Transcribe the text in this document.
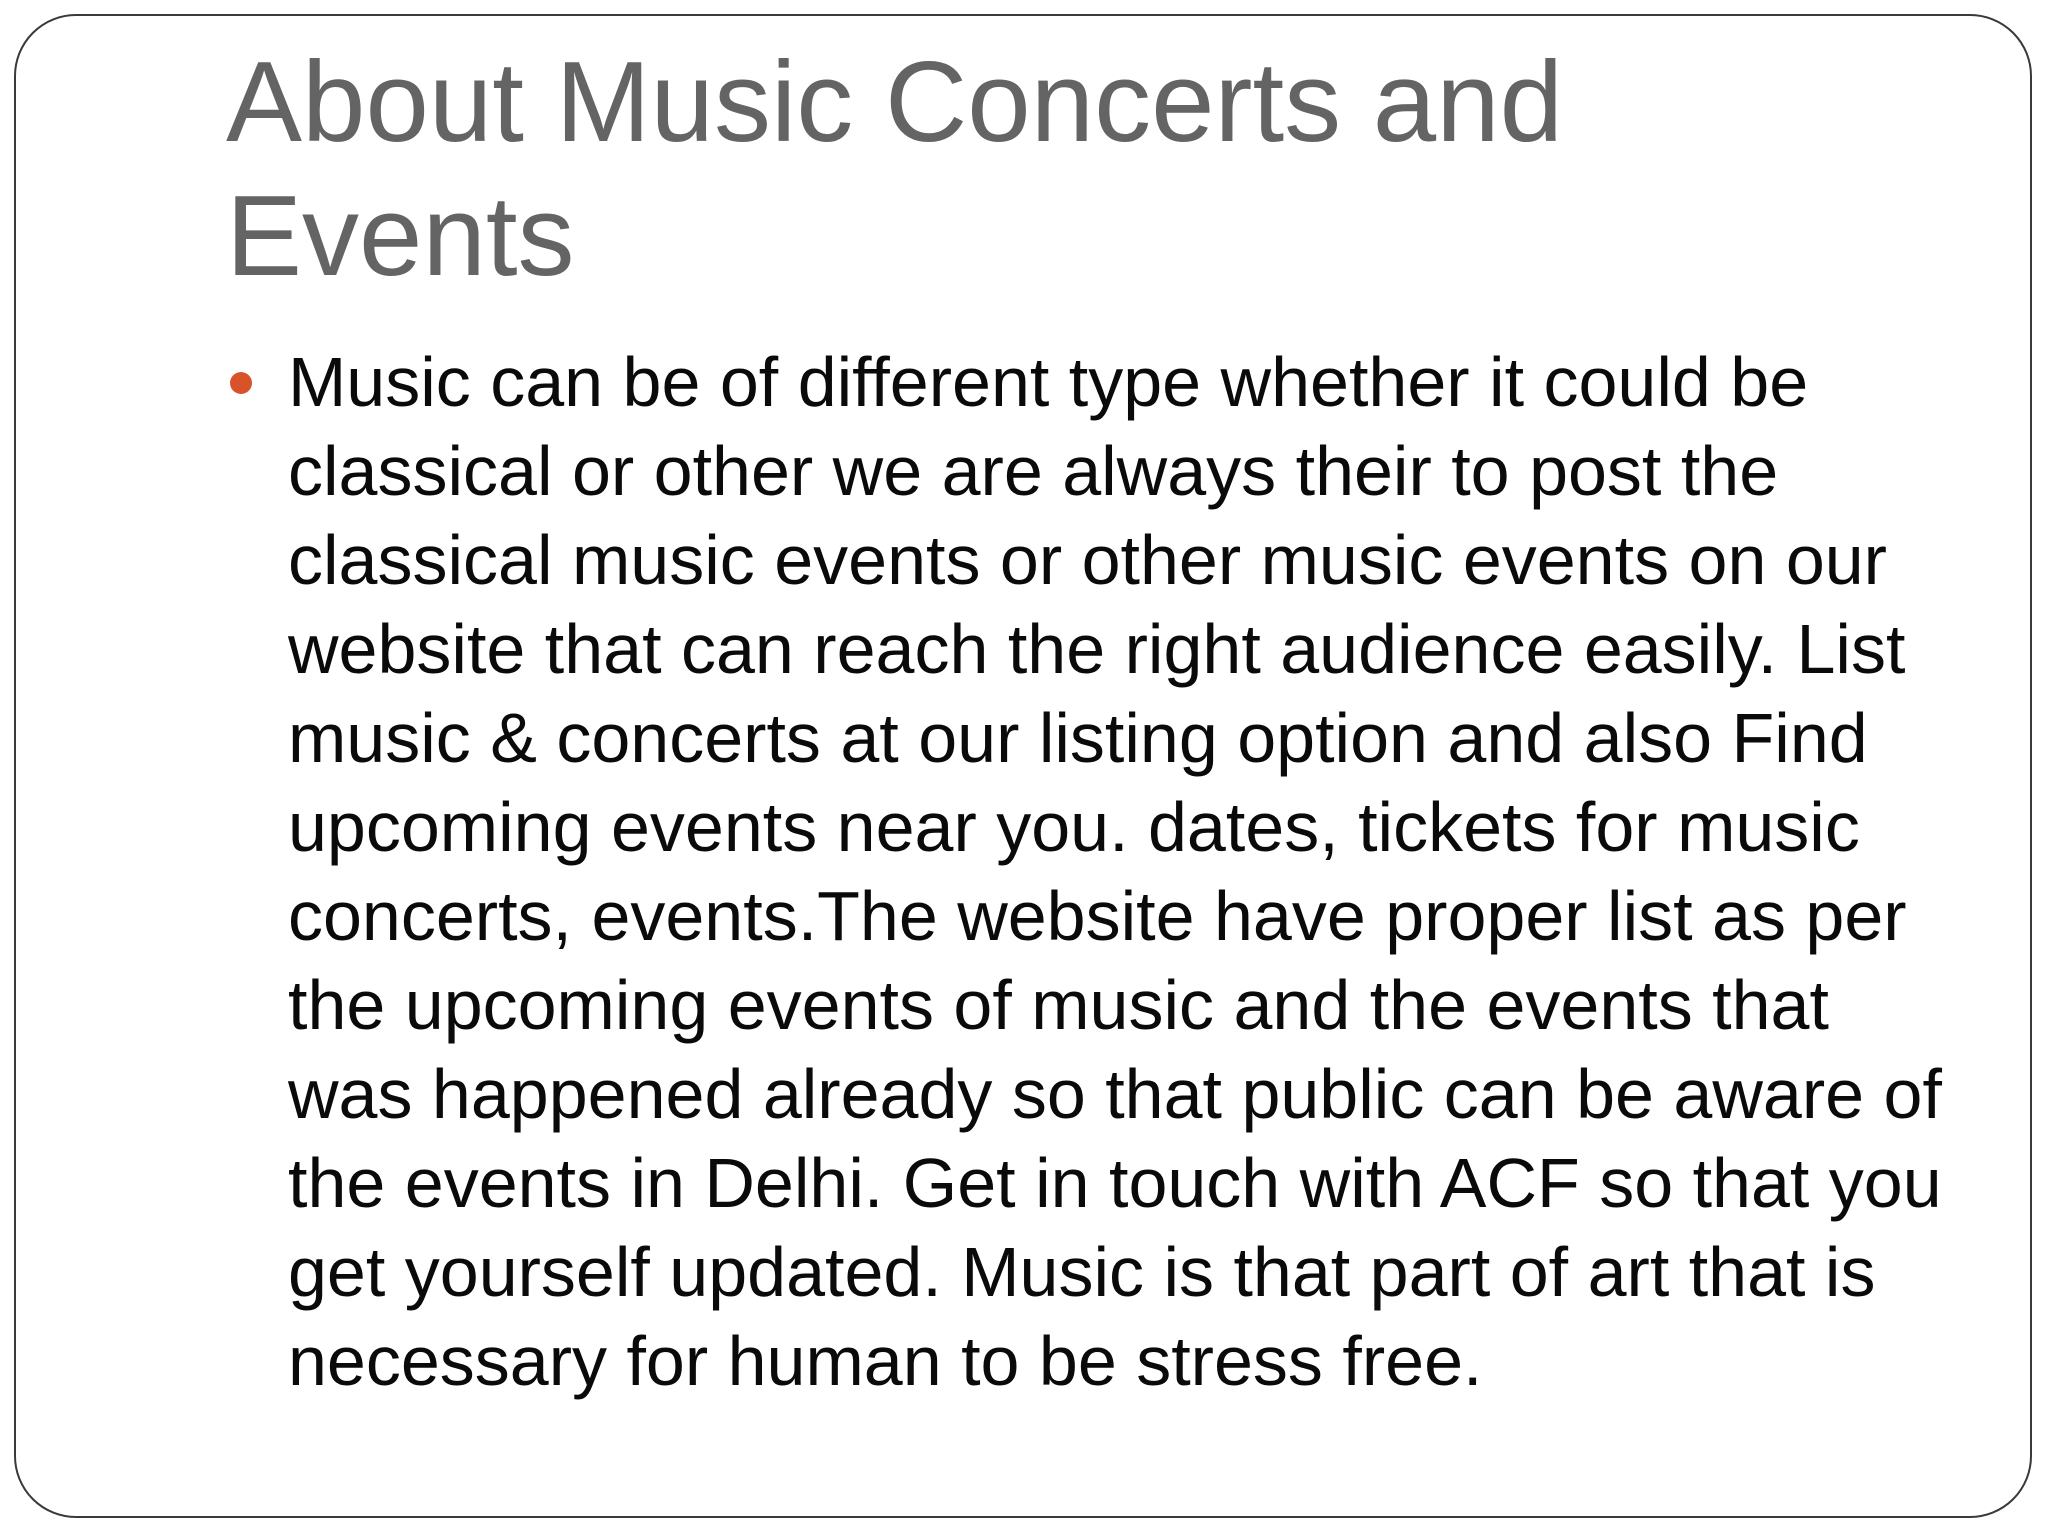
About Music Concerts and Events
Music can be of different type whether it could be classical or other we are always their to post the classical music events or other music events on our website that can reach the right audience easily. List music & concerts at our listing option and also Find upcoming events near you. dates, tickets for music concerts, events.The website have proper list as per the upcoming events of music and the events that was happened already so that public can be aware of the events in Delhi. Get in touch with ACF so that you get yourself updated. Music is that part of art that is necessary for human to be stress free.
